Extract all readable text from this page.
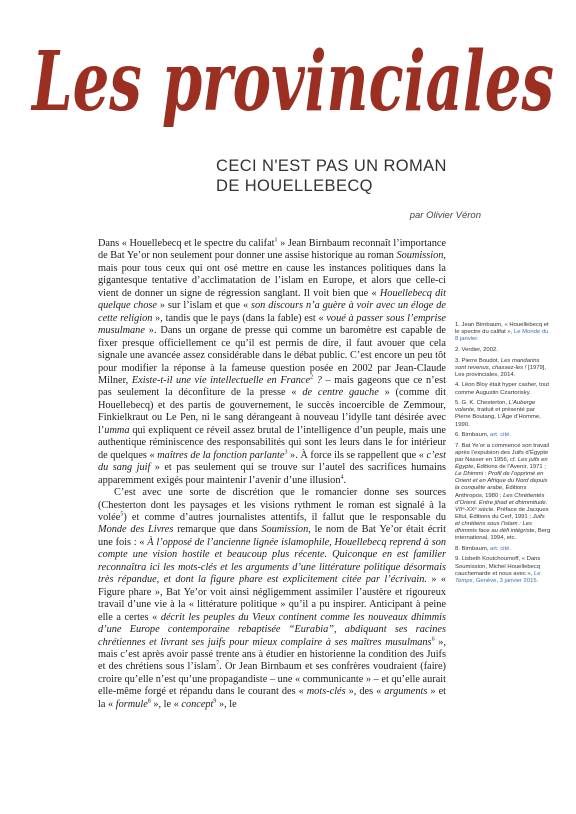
Les provinciales
CECI N'EST PAS UN ROMAN
DE HOUELLEBECQ
par Olivier Véron

Dans « Houellebecq et le spectre du califat$^1$ » Jean Birnbaum reconnaît l’importance de Bat Ye’or non seulement pour donner une assise historique au roman Soumission, mais pour tous ceux qui ont osé mettre en cause les instances politiques dans la gigantesque tentative d’acclimatation de l’islam en Europe, et alors que celle-ci vient de donner un signe de régression sanglant. Il voit bien que « Houellebecq dit quelque chose » sur l’islam et que « son discours n’a guère à voir avec un éloge de cette religion », tandis que le pays (dans la fable) est « voué à passer sous l’emprise musulmane ». Dans un organe de presse qui comme un baromètre est capable de fixer presque officiellement ce qu’il est permis de dire, il faut avouer que cela signale une avancée assez considérable dans le débat public. C’est encore un peu tôt pour modifier la réponse à la fameuse question posée en 2002 par Jean-Claude Milner, Existe-t-il une vie intellectuelle en France$^2$ ? – mais gageons que ce n’est pas seulement la déconfiture de la presse « de centre gauche » (comme dit Houellebecq) et des partis de gouvernement, le succès incoercible de Zemmour, Finkielkraut ou Le Pen, ni le sang dérangeant à nouveau l’idylle tant désirée avec l’umma qui expliquent ce réveil assez brutal de l’intelligence d’un peuple, mais une authentique réminiscence des responsabilités qui sont les leurs dans le for intérieur de quelques « maîtres de la fonction parlante$^3$ ». À force ils se rappellent que « c’est du sang juif » et pas seulement qui se trouve sur l’autel des sacrifices humains apparemment exigés pour maintenir l’avenir d’une illusion$^4$.

C’est avec une sorte de discrétion que le romancier donne ses sources (Chesterton dont les paysages et les visions rythment le roman est signalé à la volée$^5$) et comme d’autres journalistes attentifs, il fallut que le responsable du Monde des Livres remarque que dans Soumission, le nom de Bat Ye’or était écrit une fois : « À l’opposé de l’ancienne lignée islamophile, Houellebecq reprend à son compte une vision hostile et beaucoup plus récente. Quiconque en est familier reconnaîtra ici les mots-clés et les arguments d’une littérature politique désormais très répandue, et dont la figure phare est explicitement citée par l’écrivain. » « Figure phare », Bat Ye’or voit ainsi négligemment assimiler l’austère et rigoureux travail d’une vie à la « littérature politique » qu’il a pu inspirer. Anticipant à peine elle a certes « décrit les peuples du Vieux continent comme les nouveaux dhimmis d’une Europe contemporaine rebaptisée “Eurabia”, abdiquant ses racines chrétiennes et livrant ses juifs pour mieux complaire à ses maîtres musulmans$^6$ », mais c’est après avoir passé trente ans à étudier en historienne la condition des Juifs et des chrétiens sous l’islam$^7$. Or Jean Birnbaum et ses confrères voudraient (faire) croire qu’elle n’est qu’une propagandiste – une « communicante » – et qu’elle aurait elle-même forgé et répandu dans le courant des « mots-clés », des « arguments » et la « formule$^8$ », le « concept$^9$ », le

1. Jean Birnbaum, « Houellebecq et le spectre du califat », Le Monde du 8 janvier.
2. Verdier, 2002.
3. Pierre Boudot, Les mandarins sont revenus, chassez-les ! [1979], Les provinciales, 2014.
4. Léon Bloy était hyper casher, tout comme Augustin Czartorisky.
5. G. K. Chesterton, L’Auberge volante, traduit et présenté par Pierre Boutang, L’Âge d’Homme, 1990.
6. Birnbaum, art. cité.
7. Bat Ye’or a commencé son travail après l’expulsion des Juifs d’Égypte par Nasser en 1956, cf. Les juifs en Égypte, Éditions de l’Avenir, 1971 ; Le Dhimmi : Profil de l’opprimé en Orient et en Afrique du Nord depuis la conquête arabe, Éditions Anthropos, 1980 ; Les Chrétientés d’Orient. Entre jihad et dhimmitude. VIIᵉ-XXᵉ siècle. Préface de Jacques Ellul, Éditions du Cerf, 1991 ; Juifs et chrétiens sous l’islam : Les dhimmis face au défi intégriste, Berg international, 1994, etc.
8. Birnbaum, art. cité.
9. Lisbeth Koutchoumoff, « Dans Soumission, Michel Houellebecq cauchemarde et nous avec », Le Temps, Genève, 3 janvier 2015.
